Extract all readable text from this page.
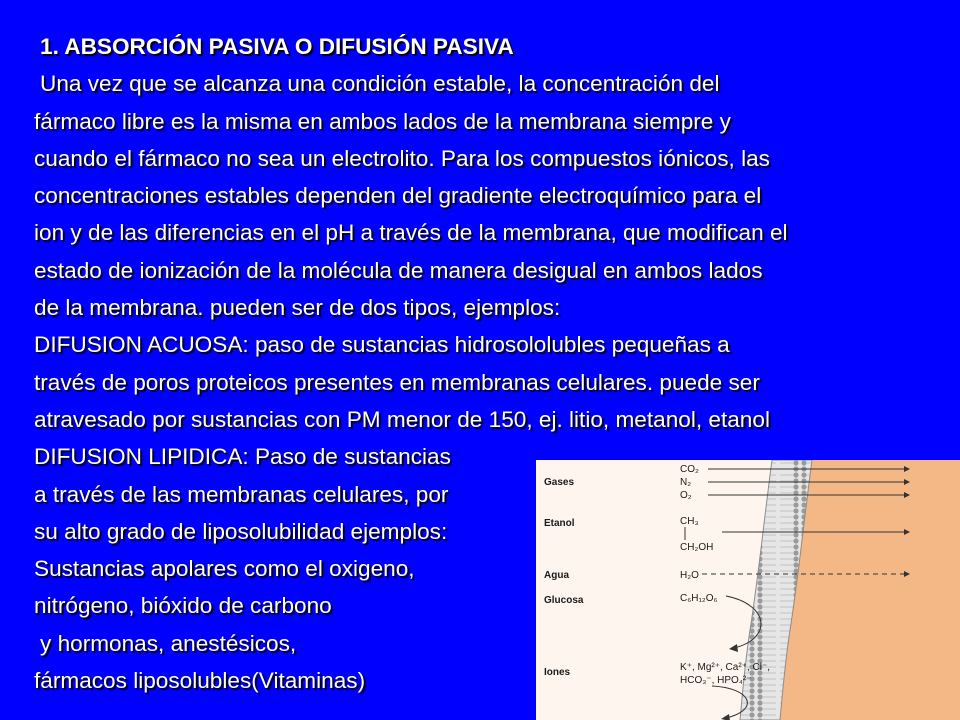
1. ABSORCIÓN PASIVA O DIFUSIÓN PASIVA
Una vez que se alcanza una condición estable, la concentración del
fármaco libre es la misma en ambos lados de la membrana siempre y
cuando el fármaco no sea un electrolito. Para los compuestos iónicos, las
concentraciones estables dependen del gradiente electroquímico para el
ion y de las diferencias en el pH a través de la membrana, que modifican el
estado de ionización de la molécula de manera desigual en ambos lados
de la membrana. pueden ser de dos tipos, ejemplos:
DIFUSION ACUOSA: paso de sustancias hidrosololubles pequeñas a
través de poros proteicos presentes en membranas celulares. puede ser
atravesado por sustancias con PM menor de 150, ej. litio, metanol, etanol
DIFUSION LIPIDICA: Paso de sustancias
a través de las membranas celulares, por
su alto grado de liposolubilidad ejemplos:
Sustancias apolares como el oxigeno,
nitrógeno, bióxido de carbono
y hormonas, anestésicos,
fármacos liposolubles(Vitaminas)
Gases
Etanol
Agua
Glucosa
Iones
CO₂
N₂
O₂
CH₃
CH₂OH
H₂O
C₆H₁₂O₆
K⁺, Mg²⁺, Ca²⁺, Cl⁻,
HCO₃⁻, HPO₄²⁻
